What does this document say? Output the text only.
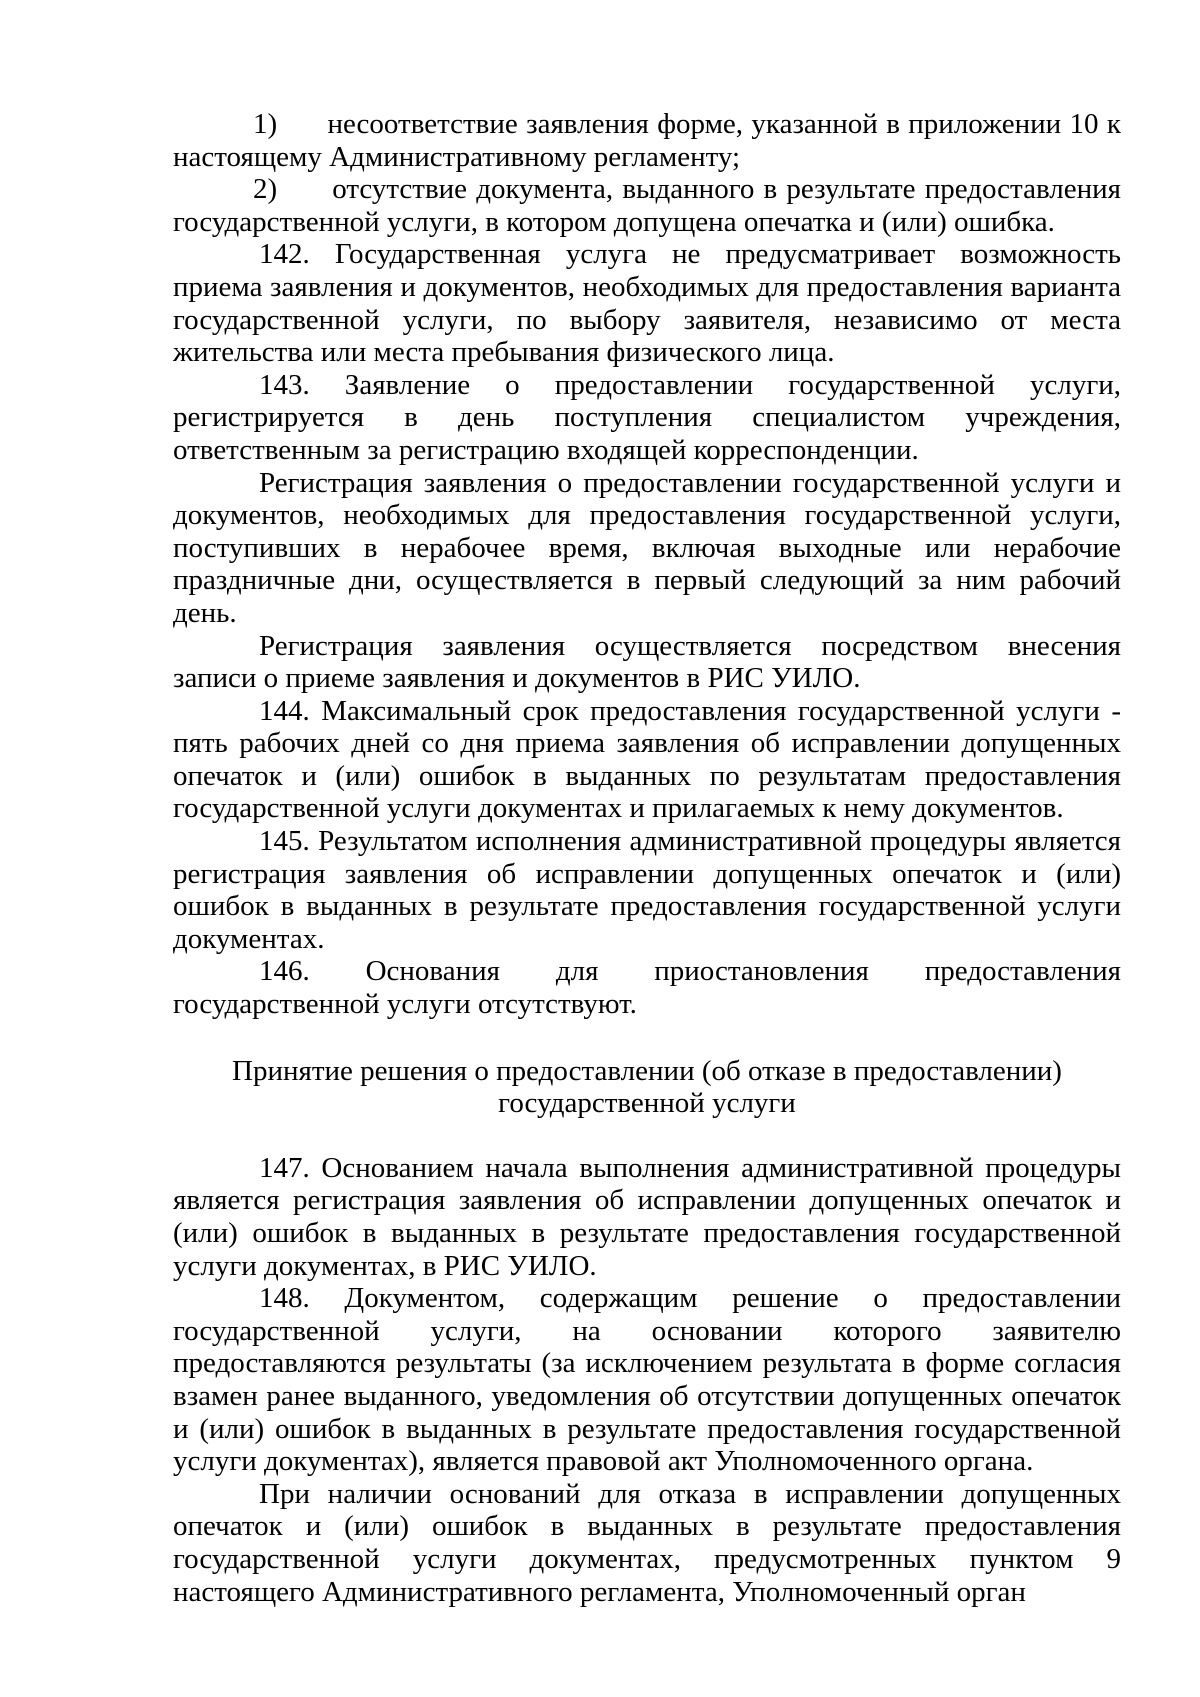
1) несоответствие заявления форме, указанной в приложении 10 к настоящему Административному регламенту;

2) отсутствие документа, выданного в результате предоставления государственной услуги, в котором допущена опечатка и (или) ошибка.

142. Государственная услуга не предусматривает возможность приема заявления и документов, необходимых для предоставления варианта государственной услуги, по выбору заявителя, независимо от места жительства или места пребывания физического лица.

143. Заявление о предоставлении государственной услуги, регистрируется в день поступления специалистом учреждения, ответственным за регистрацию входящей корреспонденции.

Регистрация заявления о предоставлении государственной услуги и документов, необходимых для предоставления государственной услуги, поступивших в нерабочее время, включая выходные или нерабочие праздничные дни, осуществляется в первый следующий за ним рабочий день.

Регистрация заявления осуществляется посредством внесения записи о приеме заявления и документов в РИС УИЛО.

144. Максимальный срок предоставления государственной услуги - пять рабочих дней со дня приема заявления об исправлении допущенных опечаток и (или) ошибок в выданных по результатам предоставления государственной услуги документах и прилагаемых к нему документов.

145. Результатом исполнения административной процедуры является регистрация заявления об исправлении допущенных опечаток и (или) ошибок в выданных в результате предоставления государственной услуги документах.

146. Основания для приостановления предоставления государственной услуги отсутствуют.

Принятие решения о предоставлении (об отказе в предоставлении)
государственной услуги

147. Основанием начала выполнения административной процедуры является регистрация заявления об исправлении допущенных опечаток и (или) ошибок в выданных в результате предоставления государственной услуги документах, в РИС УИЛО.

148. Документом, содержащим решение о предоставлении государственной услуги, на основании которого заявителю предоставляются результаты (за исключением результата в форме согласия взамен ранее выданного, уведомления об отсутствии допущенных опечаток и (или) ошибок в выданных в результате предоставления государственной услуги документах), является правовой акт Уполномоченного органа.

При наличии оснований для отказа в исправлении допущенных опечаток и (или) ошибок в выданных в результате предоставления государственной услуги документах, предусмотренных пунктом 9 настоящего Административного регламента, Уполномоченный орган
